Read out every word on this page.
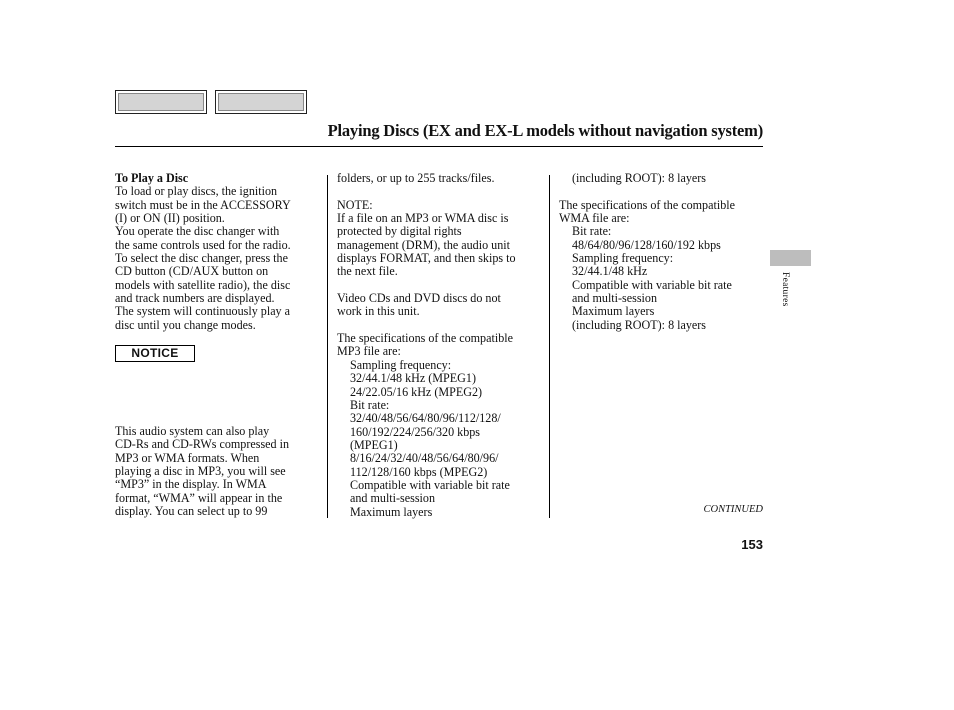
Playing Discs (EX and EX-L models without navigation system)
To Play a Disc
To load or play discs, the ignition
switch must be in the ACCESSORY
(I) or ON (II) position.
You operate the disc changer with
the same controls used for the radio.
To select the disc changer, press the
CD button (CD/AUX button on
models with satellite radio), the disc
and track numbers are displayed.
The system will continuously play a
disc until you change modes.
NOTICE
This audio system can also play
CD-Rs and CD-RWs compressed in
MP3 or WMA formats. When
playing a disc in MP3, you will see
“MP3” in the display. In WMA
format, “WMA” will appear in the
display. You can select up to 99
folders, or up to 255 tracks/files.
NOTE:
If a file on an MP3 or WMA disc is
protected by digital rights
management (DRM), the audio unit
displays FORMAT, and then skips to
the next file.
Video CDs and DVD discs do not
work in this unit.
The specifications of the compatible
MP3 file are:
Sampling frequency:
32/44.1/48 kHz (MPEG1)
24/22.05/16 kHz (MPEG2)
Bit rate:
32/40/48/56/64/80/96/112/128/
160/192/224/256/320 kbps
(MPEG1)
8/16/24/32/40/48/56/64/80/96/
112/128/160 kbps (MPEG2)
Compatible with variable bit rate
and multi-session
Maximum layers
(including ROOT): 8 layers
The specifications of the compatible
WMA file are:
Bit rate:
48/64/80/96/128/160/192 kbps
Sampling frequency:
32/44.1/48 kHz
Compatible with variable bit rate
and multi-session
Maximum layers
(including ROOT): 8 layers
CONTINUED
153
Features
